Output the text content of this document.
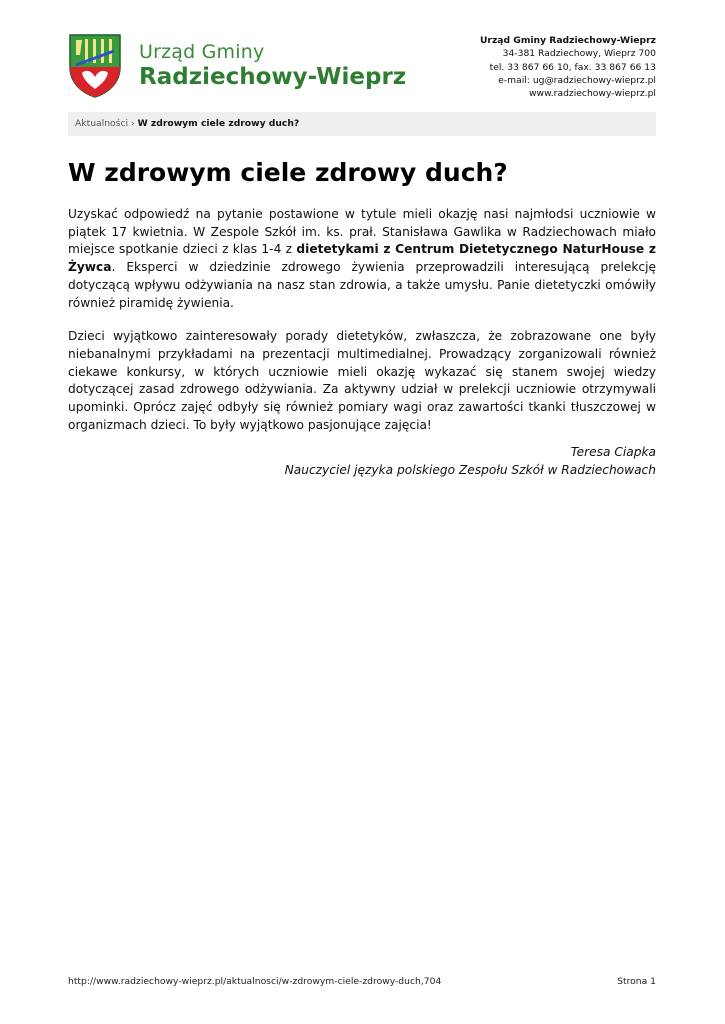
Urząd Gminy
Radziechowy-Wieprz
Urząd Gminy Radziechowy-Wieprz
34-381 Radziechowy, Wieprz 700
tel. 33 867 66 10, fax. 33 867 66 13
e-mail: ug@radziechowy-wieprz.pl
www.radziechowy-wieprz.pl
Aktualności › W zdrowym ciele zdrowy duch?
W zdrowym ciele zdrowy duch?

Uzyskać odpowiedź na pytanie postawione w tytule mieli okazję nasi najmłodsi uczniowie w piątek 17 kwietnia. W Zespole Szkół im. ks. prał. Stanisława Gawlika w Radziechowach miało miejsce spotkanie dzieci z klas 1-4 z dietetykami z Centrum Dietetycznego NaturHouse z Żywca. Eksperci w dziedzinie zdrowego żywienia przeprowadzili interesującą prelekcję dotyczącą wpływu odżywiania na nasz stan zdrowia, a także umysłu. Panie dietetyczki omówiły również piramidę żywienia.

Dzieci wyjątkowo zainteresowały porady dietetyków, zwłaszcza, że zobrazowane one były niebanalnymi przykładami na prezentacji multimedialnej. Prowadzący zorganizowali również ciekawe konkursy, w których uczniowie mieli okazję wykazać się stanem swojej wiedzy dotyczącej zasad zdrowego odżywiania. Za aktywny udział w prelekcji uczniowie otrzymywali upominki. Oprócz zajęć odbyły się również pomiary wagi oraz zawartości tkanki tłuszczowej w organizmach dzieci. To były wyjątkowo pasjonujące zajęcia!

Teresa Ciapka
Nauczyciel języka polskiego Zespołu Szkół w Radziechowach
http://www.radziechowy-wieprz.pl/aktualnosci/w-zdrowym-ciele-zdrowy-duch,704	Strona 1
